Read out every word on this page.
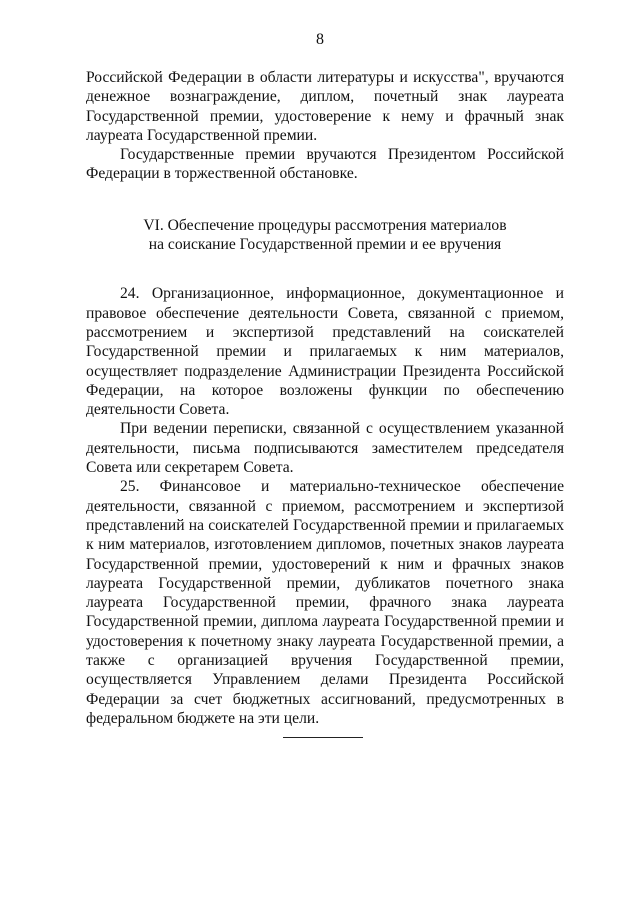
8

Российской Федерации в области литературы и искусства", вручаются денежное вознаграждение, диплом, почетный знак лауреата Государственной премии, удостоверение к нему и фрачный знак лауреата Государственной премии.

Государственные премии вручаются Президентом Российской Федерации в торжественной обстановке.

VI. Обеспечение процедуры рассмотрения материалов

на соискание Государственной премии и ее вручения

24. Организационное, информационное, документационное и правовое обеспечение деятельности Совета, связанной с приемом, рассмотрением и экспертизой представлений на соискателей Государственной премии и прилагаемых к ним материалов, осуществляет подразделение Администрации Президента Российской Федерации, на которое возложены функции по обеспечению деятельности Совета.

При ведении переписки, связанной с осуществлением указанной деятельности, письма подписываются заместителем председателя Совета или секретарем Совета.

25. Финансовое и материально-техническое обеспечение деятельности, связанной с приемом, рассмотрением и экспертизой представлений на соискателей Государственной премии и прилагаемых к ним материалов, изготовлением дипломов, почетных знаков лауреата Государственной премии, удостоверений к ним и фрачных знаков лауреата Государственной премии, дубликатов почетного знака лауреата Государственной премии, фрачного знака лауреата Государственной премии, диплома лауреата Государственной премии и удостоверения к почетному знаку лауреата Государственной премии, а также с организацией вручения Государственной премии, осуществляется Управлением делами Президента Российской Федерации за счет бюджетных ассигнований, предусмотренных в федеральном бюджете на эти цели.
